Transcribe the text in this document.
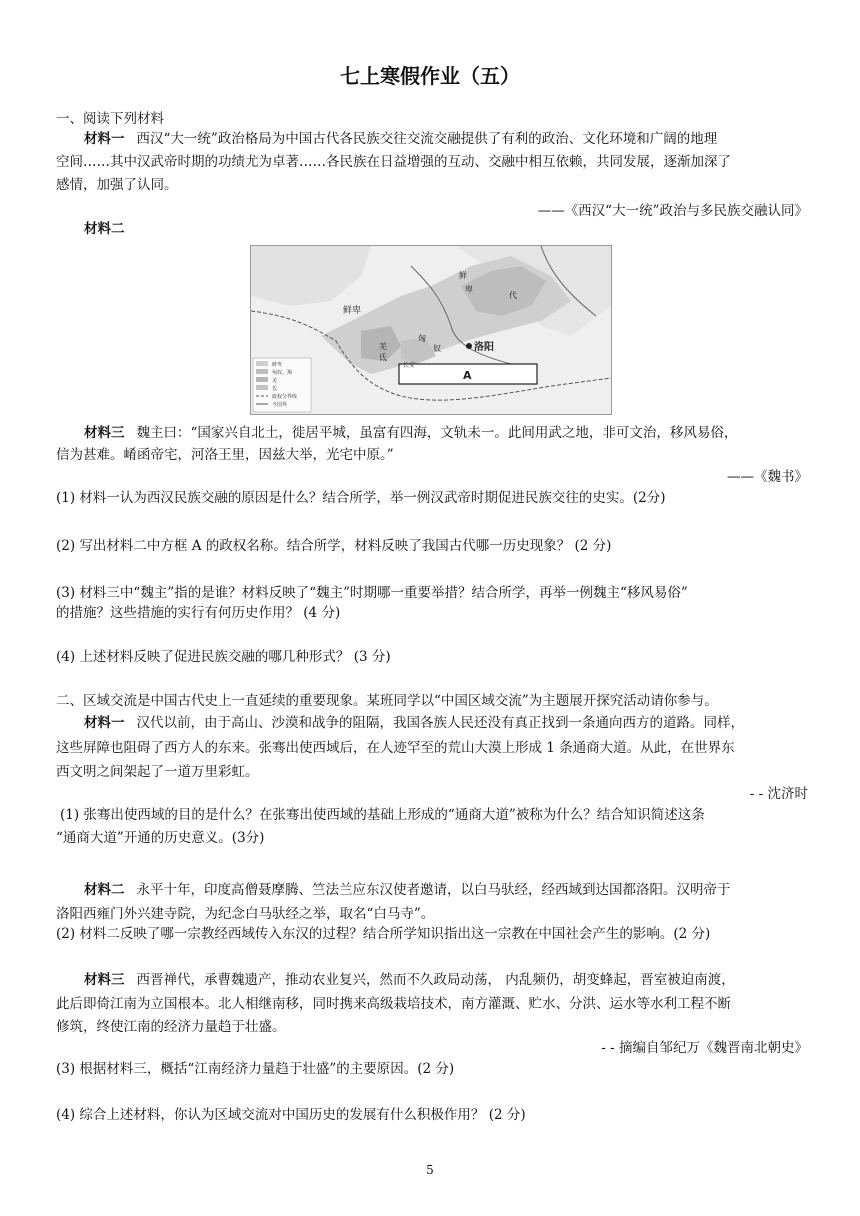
七上寒假作业（五）
一、阅读下列材料
材料一 西汉“大一统”政治格局为中国古代各民族交往交流交融提供了有利的政治、文化环境和广阔的地理
空间……其中汉武帝时期的功绩尤为卓著……各民族在日益增强的互动、交融中相互依赖，共同发展，逐渐加深了
感情，加强了认同。
——《西汉“大一统”政治与多民族交融认同》
材料二
A
洛阳
鲜卑
鲜
卑
匈
奴
羌
氐
长安
代
鲜卑
匈奴、羯
羌
氐
政权分界线
今国界
材料三 魏主曰：“国家兴自北土，徙居平城，虽富有四海，文轨未一。此间用武之地，非可文治，移风易俗，
信为甚难。崤函帝宅，河洛王里，因兹大举，光宅中原。”
——《魏书》
(1) 材料一认为西汉民族交融的原因是什么？结合所学，举一例汉武帝时期促进民族交往的史实。(2分)
(2) 写出材料二中方框 A 的政权名称。结合所学，材料反映了我国古代哪一历史现象？ (2 分)
(3) 材料三中“魏主”指的是谁？材料反映了“魏主”时期哪一重要举措？结合所学，再举一例魏主“移风易俗”
的措施？这些措施的实行有何历史作用？ (4 分)
(4) 上述材料反映了促进民族交融的哪几种形式？ (3 分)
二、区域交流是中国古代史上一直延续的重要现象。某班同学以“中国区域交流”为主题展开探究活动请你参与。
材料一 汉代以前，由于高山、沙漠和战争的阻隔，我国各族人民还没有真正找到一条通向西方的道路。同样，
这些屏障也阻碍了西方人的东来。张骞出使西域后，在人迹罕至的荒山大漠上形成 1 条通商大道。从此，在世界东
西文明之间架起了一道万里彩虹。
- - 沈济时
(1) 张骞出使西域的目的是什么？在张骞出使西域的基础上形成的“通商大道”被称为什么？结合知识简述这条
“通商大道”开通的历史意义。(3分)
材料二 永平十年，印度高僧聂摩腾、竺法兰应东汉使者邀请，以白马驮经，经西域到达国都洛阳。汉明帝于
洛阳西雍门外兴建寺院，为纪念白马驮经之举，取名“白马寺”。
(2) 材料二反映了哪一宗教经西域传入东汉的过程？结合所学知识指出这一宗教在中国社会产生的影响。(2 分)
材料三 西晋禅代，承曹魏遗产，推动农业复兴，然而不久政局动荡， 内乱频仍，胡变蜂起，晋室被迫南渡，
此后即倚江南为立国根本。北人相继南移，同时携来高级栽培技术，南方灌溉、贮水、分洪、运水等水利工程不断
修筑，终使江南的经济力量趋于壮盛。
- - 摘编自邹纪万《魏晋南北朝史》
(3) 根据材料三，概括“江南经济力量趋于壮盛”的主要原因。(2 分)
(4) 综合上述材料，你认为区域交流对中国历史的发展有什么积极作用？ (2 分)
5
